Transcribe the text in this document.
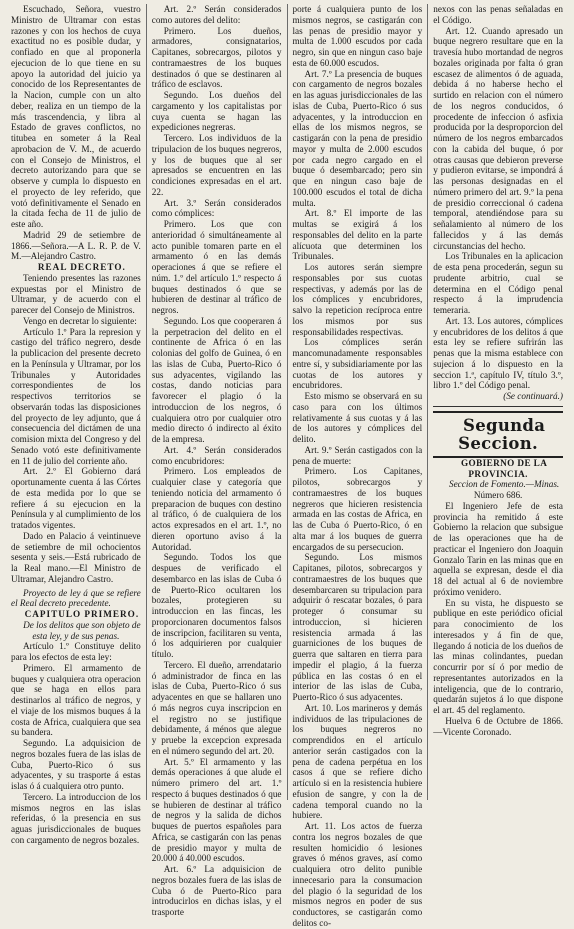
Escuchado, Señora, vuestro Ministro de Ultramar con estas razones y con los hechos de cuya exactitud no es posible dudar, y confiado en que al proponerla ejecucion de lo que tiene en su apoyo la autoridad del juicio ya conocido de los Representantes de la Nacion, cumple con un alto deber, realiza en un tiempo de la más trascendencia, y libra al Estado de graves conflictos, no titubea en someter á la Real aprobacion de V. M., de acuerdo con el Consejo de Ministros, el decreto autorizando para que se observe y cumpla lo dispuesto en el proyecto de ley referido, que votó definitivamente el Senado en la citada fecha de 11 de julio de este año.

Madrid 29 de setiembre de 1866.—Señora.—A L. R. P. de V. M.—Alejandro Castro.

REAL DECRETO.

Teniendo presentes las razones expuestas por el Ministro de Ultramar, y de acuerdo con el parecer del Consejo de Ministros.

Vengo en decretar lo siguiente:

Artículo 1.º Para la represion y castigo del tráfico negrero, desde la publicacion del presente decreto en la Península y Ultramar, por los Tribunales y Autoridades correspondientes de los respectivos territorios se observarán todas las disposiciones del proyecto de ley adjunto, que á consecuencia del dictámen de una comision mixta del Congreso y del Senado votó este definitivamente en 11 de julio del corriente año.

Art. 2.º El Gobierno dará oportunamente cuenta á las Córtes de esta medida por lo que se refiere á su ejecucion en la Península y al cumplimiento de los tratados vigentes.

Dado en Palacio á veintinueve de setiembre de mil ochocientos sesenta y seis.—Está rubricado de la Real mano.—El Ministro de Ultramar, Alejandro Castro.

Proyecto de ley á que se refiere el Real decreto precedente.

CAPITULO PRIMERO.

De los delitos que son objeto de esta ley, y de sus penas.

Artículo 1.º Constituye delito para los efectos de esta ley:

Primero. El armamento de buques y cualquiera otra operacion que se haga en ellos para destinarlos al tráfico de negros, y el viaje de los mismos buques á la costa de Africa, cualquiera que sea su bandera.

Segundo. La adquisicion de negros bozales fuera de las islas de Cuba, Puerto-Rico ó sus adyacentes, y su trasporte á estas islas ó á cualquiera otro punto.

Tercero. La introduccion de los mismos negros en las islas referidas, ó la presencia en sus aguas jurisdiccionales de buques con cargamento de negros bozales.

Art. 2.º Serán considerados como autores del delito:

Primero. Los dueños, armadores, consignatarios, Capitanes, sobrecargos, pilotos y contramaestres de los buques destinados ó que se destinaren al tráfico de esclavos.

Segundo. Los dueños del cargamento y los capitalistas por cuya cuenta se hagan las expediciones negreras.

Tercero. Los individuos de la tripulacion de los buques negreros, y los de buques que al ser apresados se encuentren en las condiciones expresadas en el art. 22.

Art. 3.º Serán considerados como cómplices:

Primero. Los que con anterioridad ó simultáneamente al acto punible tomaren parte en el armamento ó en las demás operaciones á que se refiere el núm. 1.º del artículo 1.º respecto á buques destinados ó que se hubieren de destinar al tráfico de negros.

Segundo. Los que cooperaren á la perpetracion del delito en el continente de Africa ó en las colonias del golfo de Guinea, ó en las islas de Cuba, Puerto-Rico ó sus adyacentes, vigilando las costas, dando noticias para favorecer el plagio ó la introduccion de los negros, ó cualquiera otro por cualquier otro medio directo ó indirecto al éxito de la empresa.

Art. 4.º Serán considerados como encubridores:

Primero. Los empleados de cualquier clase y categoría que teniendo noticia del armamento ó preparacion de buques con destino al tráfico, ó de cualquiera de los actos expresados en el art. 1.º, no dieren oportuno aviso á la Autoridad.

Segundo. Todos los que despues de verificado el desembarco en las islas de Cuba ó de Puerto-Rico ocultaren los bozales, protegieren su introduccion en las fincas, les proporcionaren documentos falsos de inscripcion, facilitaren su venta, ó los adquirieren por cualquier título.

Tercero. El dueño, arrendatario ó administrador de finca en las islas de Cuba, Puerto-Rico ó sus adyacentes en que se hallaren uno ó más negros cuya inscripcion en el registro no se justifique debidamente, á ménos que alegue y pruebe la excepcion expresada en el número segundo del art. 20.

Art. 5.º El armamento y las demás operaciones á que alude el número primero del art. 1.º respecto á buques destinados ó que se hubieren de destinar al tráfico de negros y la salida de dichos buques de puertos españoles para Africa, se castigarán con las penas de presidio mayor y multa de 20.000 á 40.000 escudos.

Art. 6.º La adquisicion de negros bozales fuera de las islas de Cuba ó de Puerto-Rico para introducirlos en dichas islas, y el trasporte

porte á cualquiera punto de los mismos negros, se castigarán con las penas de presidio mayor y multa de 1.000 escudos por cada negro, sin que en ningun caso baje esta de 60.000 escudos.

Art. 7.º La presencia de buques con cargamento de negros bozales en las aguas jurisdiccionales de las islas de Cuba, Puerto-Rico ó sus adyacentes, y la introduccion en ellas de los mismos negros, se castigarán con la pena de presidio mayor y multa de 2.000 escudos por cada negro cargado en el buque ó desembarcado; pero sin que en ningun caso baje de 100.000 escudos el total de dicha multa.

Art. 8.º El importe de las multas se exigirá á los responsables del delito en la parte alícuota que determinen los Tribunales.

Los autores serán siempre responsables por sus cuotas respectivas, y además por las de los cómplices y encubridores, salvo la repeticion recíproca entre los mismos por sus responsabilidades respectivas.

Los cómplices serán mancomunadamente responsables entre sí, y subsidiariamente por las cuotas de los autores y encubridores.

Esto mismo se observará en su caso para con los últimos relativamente á sus cuotas y á las de los autores y cómplices del delito.

Art. 9.º Serán castigados con la pena de muerte:

Primero. Los Capitanes, pilotos, sobrecargos y contramaestres de los buques negreros que hicieren resistencia armada en las costas de Africa, en las de Cuba ó Puerto-Rico, ó en alta mar á los buques de guerra encargados de su persecucion.

Segundo. Los mismos Capitanes, pilotos, sobrecargos y contramaestres de los buques que desembarcaren su tripulacion para adquirir ó rescatar bozales, ó para proteger ó consumar su introduccion, si hicieren resistencia armada á las guarniciones de los buques de guerra que saltaren en tierra para impedir el plagio, á la fuerza pública en las costas ó en el interior de las islas de Cuba, Puerto-Rico ó sus adyacentes.

Art. 10. Los marineros y demás individuos de las tripulaciones de los buques negreros no comprendidos en el artículo anterior serán castigados con la pena de cadena perpétua en los casos á que se refiere dicho artículo si en la resistencia hubiere efusion de sangre, y con la de cadena temporal cuando no la hubiere.

Art. 11. Los actos de fuerza contra los negros bozales de que resulten homicidio ó lesiones graves ó ménos graves, así como cualquiera otro delito punible innecesario para la consumacion del plagio ó la seguridad de los mismos negros en poder de sus conductores, se castigarán como delitos co-

nexos con las penas señaladas en el Código.

Art. 12. Cuando apresado un buque negrero resultare que en la travesía hubo mortandad de negros bozales originada por falta ó gran escasez de alimentos ó de aguada, debida á no haberse hecho el surtido en relacion con el número de los negros conducidos, ó procedente de infeccion ó asfixia producida por la desproporcion del número de los negros embarcados con la cabida del buque, ó por otras causas que debieron preverse y pudieron evitarse, se impondrá á las personas designadas en el número primero del art. 9.º la pena de presidio correccional ó cadena temporal, atendiéndose para su señalamiento al número de los fallecidos y á las demás circunstancias del hecho.

Los Tribunales en la aplicacion de esta pena procederán, segun su prudente arbitrio, cual se determina en el Código penal respecto á la imprudencia temeraria.

Art. 13. Los autores, cómplices y encubridores de los delitos á que esta ley se refiere sufrirán las penas que la misma establece con sujecion á lo dispuesto en la seccion 1.ª, capítulo IV, título 3.º, libro 1.º del Código penal.

(Se continuará.)

Segunda Seccion.

GOBIERNO DE LA PROVINCIA.

Seccion de Fomento.—Minas.

Número 686.

El Ingeniero Jefe de esta provincia ha remitido á este Gobierno la relacion que subsigue de las operaciones que ha de practicar el Ingeniero don Joaquin Gonzalo Tarin en las minas que en aquella se expresan, desde el dia 18 del actual al 6 de noviembre próximo venidero.

En su vista, he dispuesto se publique en este periódico oficial para conocimiento de los interesados y á fin de que, llegando á noticia de los dueños de las minas colindantes, puedan concurrir por sí ó por medio de representantes autorizados en la inteligencia, que de lo contrario, quedarán sujetos á lo que dispone el art. 45 del reglamento.

Huelva 6 de Octubre de 1866.—Vicente Coronado.
